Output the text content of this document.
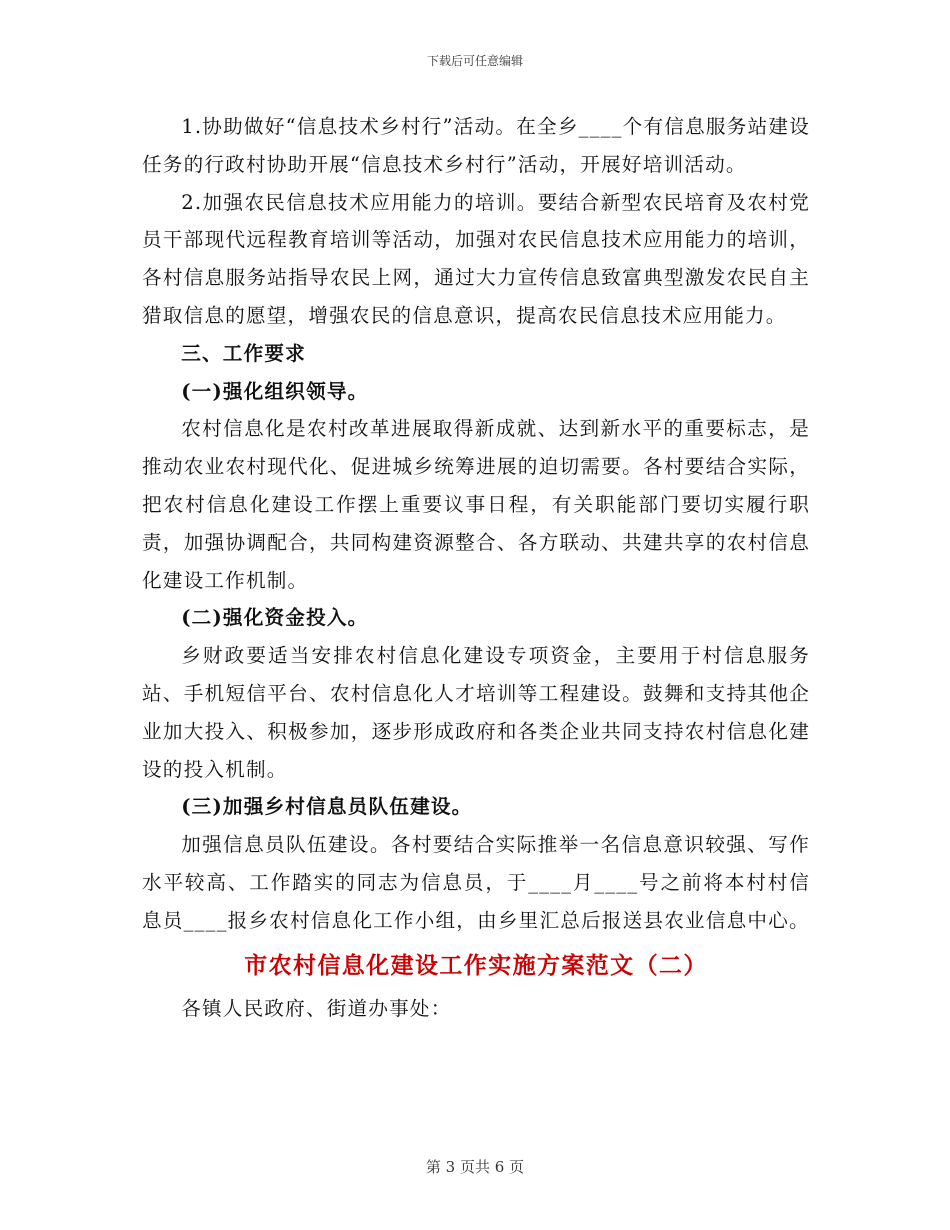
下载后可任意编辑

1.协助做好“信息技术乡村行”活动。在全乡____个有信息服务站建设任务的行政村协助开展“信息技术乡村行”活动，开展好培训活动。

2.加强农民信息技术应用能力的培训。要结合新型农民培育及农村党员干部现代远程教育培训等活动，加强对农民信息技术应用能力的培训，各村信息服务站指导农民上网，通过大力宣传信息致富典型激发农民自主猎取信息的愿望，增强农民的信息意识，提高农民信息技术应用能力。

三、工作要求

(一)强化组织领导。

农村信息化是农村改革进展取得新成就、达到新水平的重要标志，是推动农业农村现代化、促进城乡统筹进展的迫切需要。各村要结合实际，把农村信息化建设工作摆上重要议事日程，有关职能部门要切实履行职责，加强协调配合，共同构建资源整合、各方联动、共建共享的农村信息化建设工作机制。

(二)强化资金投入。

乡财政要适当安排农村信息化建设专项资金，主要用于村信息服务站、手机短信平台、农村信息化人才培训等工程建设。鼓舞和支持其他企业加大投入、积极参加，逐步形成政府和各类企业共同支持农村信息化建设的投入机制。

(三)加强乡村信息员队伍建设。

加强信息员队伍建设。各村要结合实际推举一名信息意识较强、写作水平较高、工作踏实的同志为信息员，于____月____号之前将本村村信息员____报乡农村信息化工作小组，由乡里汇总后报送县农业信息中心。

市农村信息化建设工作实施方案范文（二）

各镇人民政府、街道办事处：

第 3 页共 6 页
